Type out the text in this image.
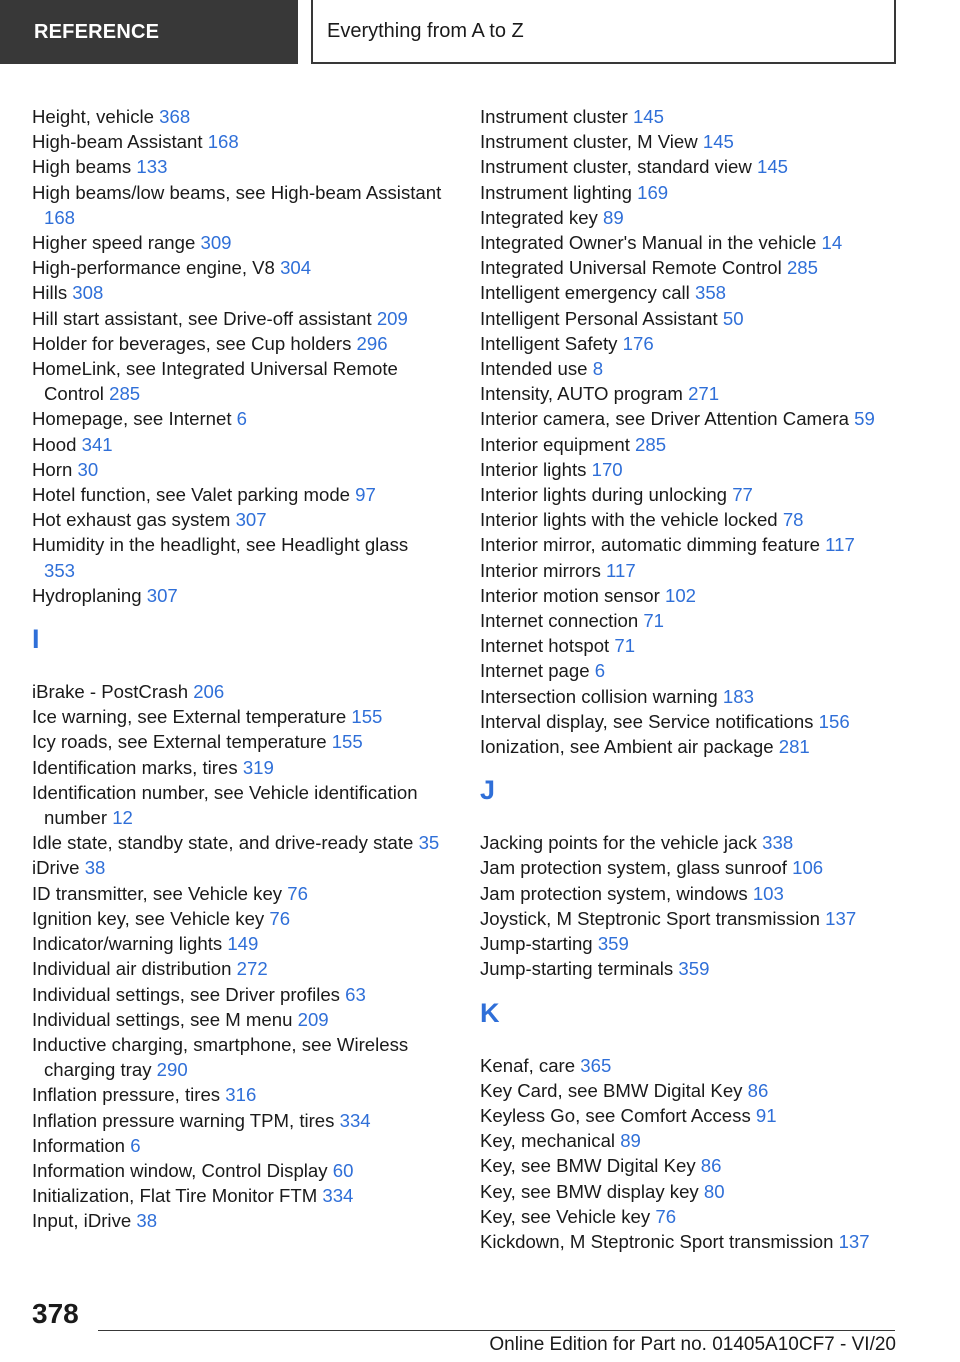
REFERENCE	Everything from A to Z
Height, vehicle 368
High-beam Assistant 168
High beams 133
High beams/low beams, see High-beam Assistant 168
Higher speed range 309
High-performance engine, V8 304
Hills 308
Hill start assistant, see Drive-off assistant 209
Holder for beverages, see Cup holders 296
HomeLink, see Integrated Universal Remote Control 285
Homepage, see Internet 6
Hood 341
Horn 30
Hotel function, see Valet parking mode 97
Hot exhaust gas system 307
Humidity in the headlight, see Headlight glass 353
Hydroplaning 307
I
iBrake - PostCrash 206
Ice warning, see External temperature 155
Icy roads, see External temperature 155
Identification marks, tires 319
Identification number, see Vehicle identification number 12
Idle state, standby state, and drive-ready state 35
iDrive 38
ID transmitter, see Vehicle key 76
Ignition key, see Vehicle key 76
Indicator/warning lights 149
Individual air distribution 272
Individual settings, see Driver profiles 63
Individual settings, see M menu 209
Inductive charging, smartphone, see Wireless charging tray 290
Inflation pressure, tires 316
Inflation pressure warning TPM, tires 334
Information 6
Information window, Control Display 60
Initialization, Flat Tire Monitor FTM 334
Input, iDrive 38
Instrument cluster 145
Instrument cluster, M View 145
Instrument cluster, standard view 145
Instrument lighting 169
Integrated key 89
Integrated Owner's Manual in the vehicle 14
Integrated Universal Remote Control 285
Intelligent emergency call 358
Intelligent Personal Assistant 50
Intelligent Safety 176
Intended use 8
Intensity, AUTO program 271
Interior camera, see Driver Attention Camera 59
Interior equipment 285
Interior lights 170
Interior lights during unlocking 77
Interior lights with the vehicle locked 78
Interior mirror, automatic dimming feature 117
Interior mirrors 117
Interior motion sensor 102
Internet connection 71
Internet hotspot 71
Internet page 6
Intersection collision warning 183
Interval display, see Service notifications 156
Ionization, see Ambient air package 281
J
Jacking points for the vehicle jack 338
Jam protection system, glass sunroof 106
Jam protection system, windows 103
Joystick, M Steptronic Sport transmission 137
Jump-starting 359
Jump-starting terminals 359
K
Kenaf, care 365
Key Card, see BMW Digital Key 86
Keyless Go, see Comfort Access 91
Key, mechanical 89
Key, see BMW Digital Key 86
Key, see BMW display key 80
Key, see Vehicle key 76
Kickdown, M Steptronic Sport transmission 137
378
Online Edition for Part no. 01405A10CF7 - VI/20
